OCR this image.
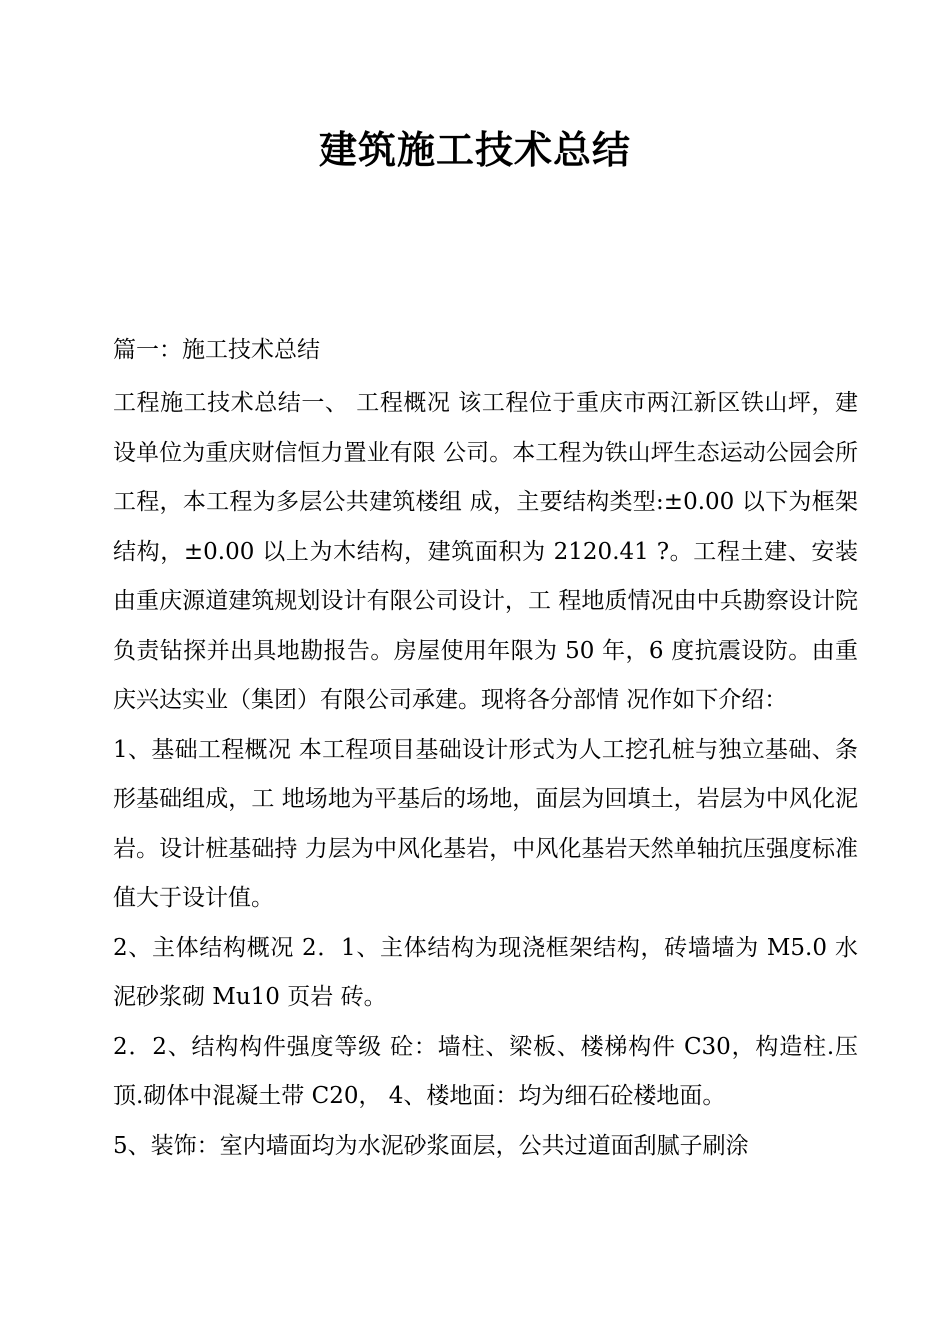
建筑施工技术总结
篇一：施工技术总结

工程施工技术总结一、 工程概况 该工程位于重庆市两江新区铁山坪，建设单位为重庆财信恒力置业有限 公司。本工程为铁山坪生态运动公园会所工程，本工程为多层公共建筑楼组 成，主要结构类型:±0.00 以下为框架结构，±0.00 以上为木结构，建筑面积为 2120.41 ?。工程土建、安装由重庆源道建筑规划设计有限公司设计，工 程地质情况由中兵勘察设计院负责钻探并出具地勘报告。房屋使用年限为 50 年，6 度抗震设防。由重庆兴达实业（集团）有限公司承建。现将各分部情 况作如下介绍：

1、基础工程概况 本工程项目基础设计形式为人工挖孔桩与独立基础、条形基础组成，工 地场地为平基后的场地，面层为回填土，岩层为中风化泥岩。设计桩基础持 力层为中风化基岩，中风化基岩天然单轴抗压强度标准值大于设计值。

2、主体结构概况 2．1、主体结构为现浇框架结构，砖墙墙为 M5.0 水泥砂浆砌 Mu10 页岩 砖。

2．2、结构构件强度等级 砼：墙柱、梁板、楼梯构件 C30，构造柱.压顶.砌体中混凝土带 C20， 4、楼地面：均为细石砼楼地面。

5、装饰：室内墙面均为水泥砂浆面层，公共过道面刮腻子刷涂
